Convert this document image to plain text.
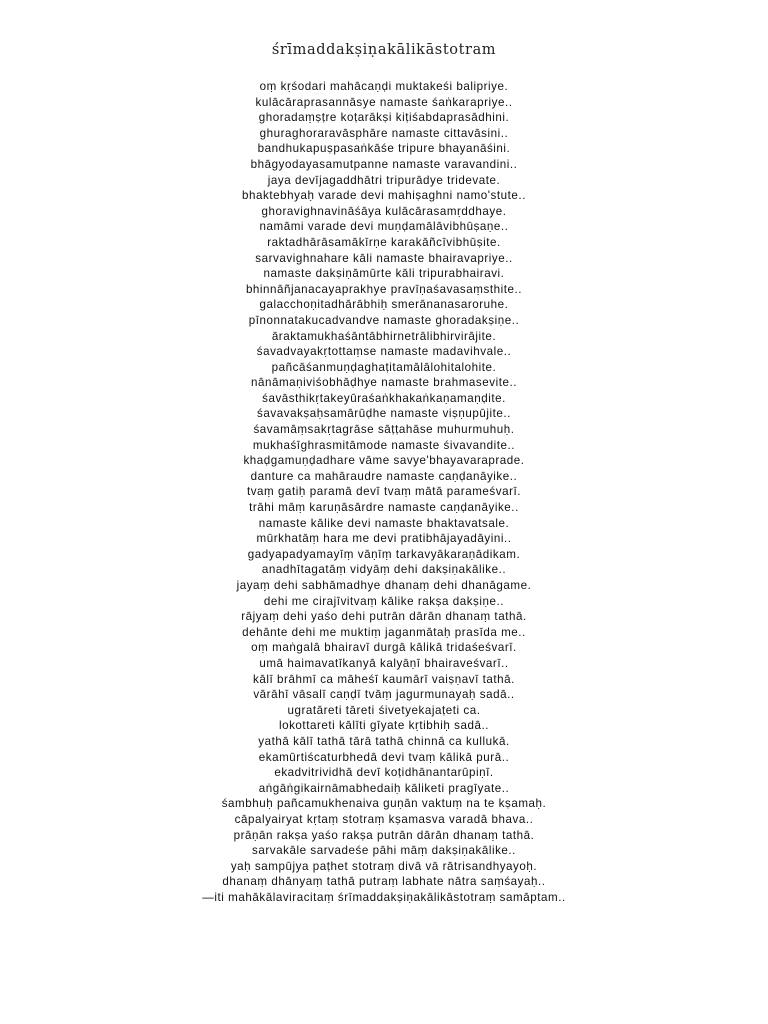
śrīmaddakṣiṇakālikāstotram
oṃ kṛśodari mahācaṇḍi muktakeśi balipriye.
kulācāraprasannāsye namaste śaṅkarapriye..
ghoradaṃṣṭre koṭarākṣi kiṭiśabdaprasādhini.
ghuraghoraravāsphāre namaste cittavāsini..
bandhukapuṣpasaṅkāśe tripure bhayanāśini.
bhāgyodayasamutpanne namaste varavandini..
jaya devījagaddhātri tripurādye tridevate.
bhaktebhyaḥ varade devi mahiṣaghni namo'stute..
ghoravighnavināśāya kulācārasamṛddhaye.
namāmi varade devi muṇḍamālāvibhūṣaṇe..
raktadhārāsamākīrṇe karakāñcīvibhūṣite.
sarvavighnahare kāli namaste bhairavapriye..
namaste dakṣiṇāmūrte kāli tripurabhairavi.
bhinnāñjanacayaprakhye pravīṇaśavasaṃsthite..
galacchoṇitadhārābhiḥ smerānanasaroruhe.
pīnonnatakucadvandve namaste ghoradakṣiṇe..
āraktamukhaśāntābhirnetrālibhirvirājite.
śavadvayakṛtottaṃse namaste madavihvale..
pañcāśanmuṇḍaghaṭitamālālohitalohite.
nānāmaṇiviśobhāḍhye namaste brahmasevite..
śavāsthikṛtakeyūraśaṅkhakaṅkaṇamaṇḍite.
śavavakṣaḥsamārūḍhe namaste viṣṇupūjite..
śavamāṃsakṛtagrāse sāṭṭahāse muhurmuhuḥ.
mukhaśīghrasmitāmode namaste śivavandite..
khaḍgamuṇḍadhare vāme savye'bhayavaraprade.
danture ca mahāraudre namaste caṇḍanāyike..
tvaṃ gatiḥ paramā devī tvaṃ mātā parameśvarī.
trāhi māṃ karuṇāsārdre namaste caṇḍanāyike..
namaste kālike devi namaste bhaktavatsale.
mūrkhatāṃ hara me devi pratibhājayadāyini..
gadyapadyamayīṃ vāṇīṃ tarkavyākaraṇādikam.
anadhītagatāṃ vidyāṃ dehi dakṣiṇakālike..
jayaṃ dehi sabhāmadhye dhanaṃ dehi dhanāgame.
dehi me cirajīvitvaṃ kālike rakṣa dakṣiṇe..
rājyaṃ dehi yaśo dehi putrān dārān dhanaṃ tathā.
dehānte dehi me muktiṃ jaganmātaḥ prasīda me..
oṃ maṅgalā bhairavī durgā kālikā tridaśeśvarī.
umā haimavatīkanyā kalyāṇī bhairaveśvarī..
kālī brāhmī ca māheśī kaumārī vaiṣṇavī tathā.
vārāhī vāsalī caṇḍī tvāṃ jagurmunayaḥ sadā..
ugratāreti tāreti śivetyekajaṭeti ca.
lokottareti kālīti gīyate kṛtibhiḥ sadā..
yathā kālī tathā tārā tathā chinnā ca kullukā.
ekamūrtiścaturbhedā devi tvaṃ kālikā purā..
ekadvitrividhā devī koṭidhānantarūpiṇī.
aṅgāṅgikairnāmabhedaiḥ kāliketi pragīyate..
śambhuḥ pañcamukhenaiva guṇān vaktuṃ na te kṣamaḥ.
cāpalyairyat kṛtaṃ stotraṃ kṣamasva varadā bhava..
prāṇān rakṣa yaśo rakṣa putrān dārān dhanaṃ tathā.
sarvakāle sarvadeśe pāhi māṃ dakṣiṇakālike..
yaḥ sampūjya paṭhet stotraṃ divā vā rātrisandhyayoḥ.
dhanaṃ dhānyaṃ tathā putraṃ labhate nātra saṃśayaḥ..
—iti mahākālaviracitaṃ śrīmaddakṣiṇakālikāstotraṃ samāptam..
